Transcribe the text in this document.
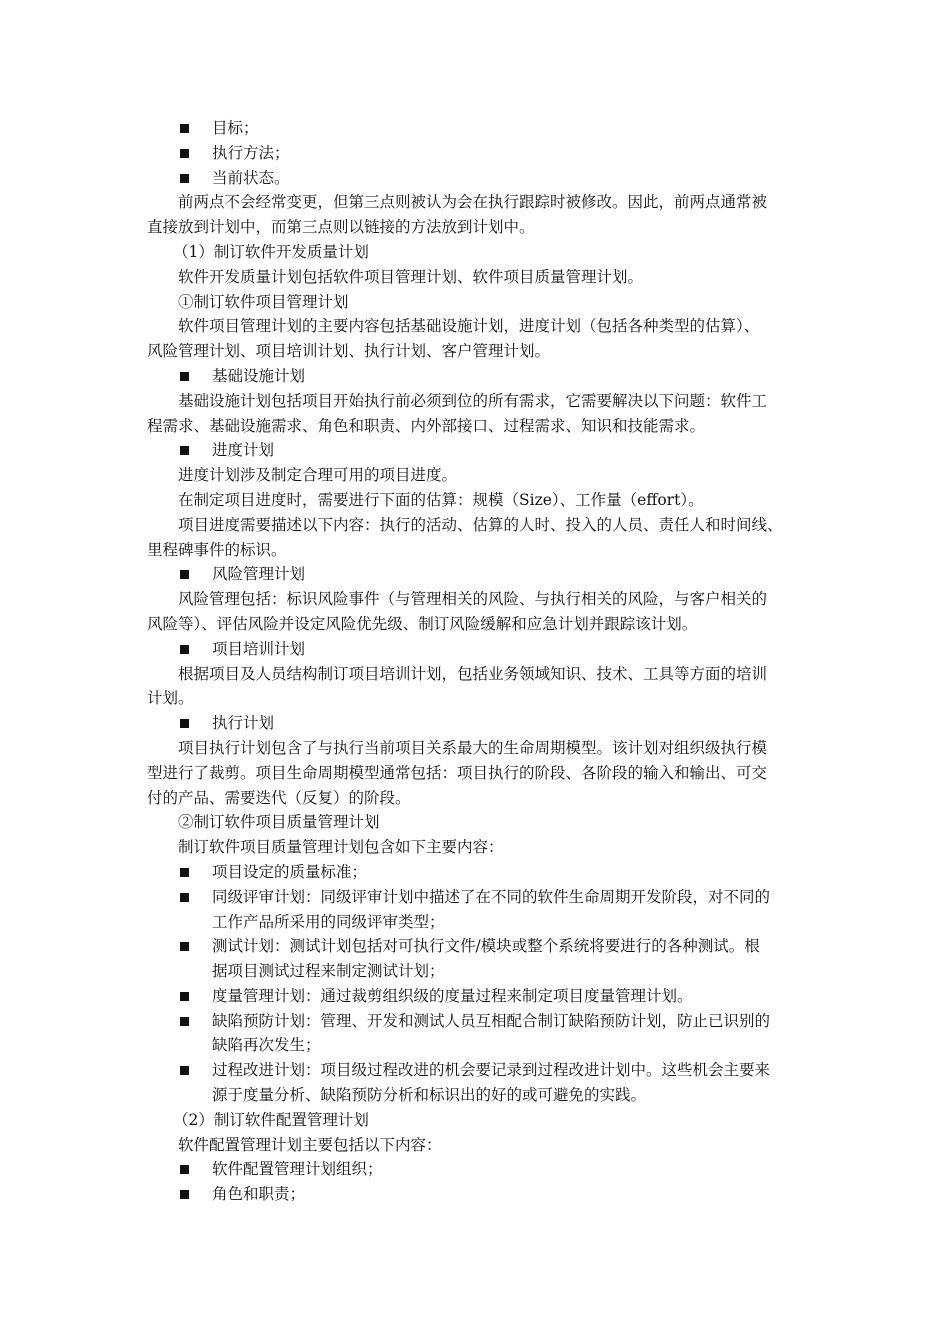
目标；
执行方法；
当前状态。
前两点不会经常变更，但第三点则被认为会在执行跟踪时被修改。因此，前两点通常被
直接放到计划中，而第三点则以链接的方法放到计划中。
（1）制订软件开发质量计划
软件开发质量计划包括软件项目管理计划、软件项目质量管理计划。
①制订软件项目管理计划
软件项目管理计划的主要内容包括基础设施计划，进度计划（包括各种类型的估算）、
风险管理计划、项目培训计划、执行计划、客户管理计划。
基础设施计划
基础设施计划包括项目开始执行前必须到位的所有需求，它需要解决以下问题：软件工
程需求、基础设施需求、角色和职责、内外部接口、过程需求、知识和技能需求。
进度计划
进度计划涉及制定合理可用的项目进度。
在制定项目进度时，需要进行下面的估算：规模（Size）、工作量（effort）。
项目进度需要描述以下内容：执行的活动、估算的人时、投入的人员、责任人和时间线、
里程碑事件的标识。
风险管理计划
风险管理包括：标识风险事件（与管理相关的风险、与执行相关的风险，与客户相关的
风险等）、评估风险并设定风险优先级、制订风险缓解和应急计划并跟踪该计划。
项目培训计划
根据项目及人员结构制订项目培训计划，包括业务领域知识、技术、工具等方面的培训
计划。
执行计划
项目执行计划包含了与执行当前项目关系最大的生命周期模型。该计划对组织级执行模
型进行了裁剪。项目生命周期模型通常包括：项目执行的阶段、各阶段的输入和输出、可交
付的产品、需要迭代（反复）的阶段。
②制订软件项目质量管理计划
制订软件项目质量管理计划包含如下主要内容：
项目设定的质量标准；
同级评审计划：同级评审计划中描述了在不同的软件生命周期开发阶段，对不同的
工作产品所采用的同级评审类型；
测试计划：测试计划包括对可执行文件/模块或整个系统将要进行的各种测试。根
据项目测试过程来制定测试计划；
度量管理计划：通过裁剪组织级的度量过程来制定项目度量管理计划。
缺陷预防计划：管理、开发和测试人员互相配合制订缺陷预防计划，防止已识别的
缺陷再次发生；
过程改进计划：项目级过程改进的机会要记录到过程改进计划中。这些机会主要来
源于度量分析、缺陷预防分析和标识出的好的或可避免的实践。
（2）制订软件配置管理计划
软件配置管理计划主要包括以下内容：
软件配置管理计划组织；
角色和职责；
